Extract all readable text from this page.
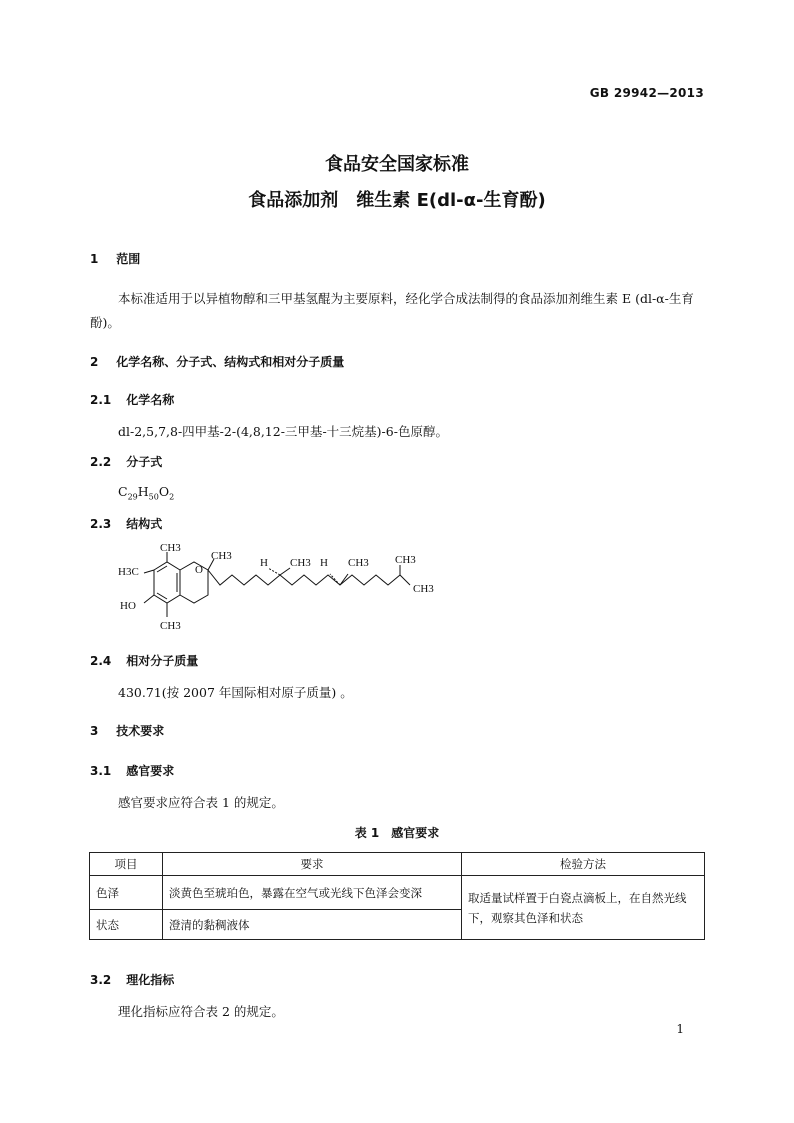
GB 29942—2013
食品安全国家标准
食品添加剂　维生素 E(dl-α-生育酚)
1 范围
本标准适用于以异植物醇和三甲基氢醌为主要原料，经化学合成法制得的食品添加剂维生素 E (dl-α-生育酚)。
2 化学名称、分子式、结构式和相对分子质量
2.1 化学名称
dl-2,5,7,8-四甲基-2-(4,8,12-三甲基-十三烷基)-6-色原醇。
2.2 分子式
$C_{29}H_{50}O_2$
2.3 结构式
CH3
H3C	O
CH3
H CH3 H CH3 CH3
CH3
HO
CH3
2.4 相对分子质量
430.71(按 2007 年国际相对原子质量) 。
3 技术要求
3.1 感官要求
感官要求应符合表 1 的规定。
表 1　感官要求
项目	要求	检验方法
色泽	淡黄色至琥珀色，暴露在空气或光线下色泽会变深	取适量试样置于白瓷点滴板上，在自然光线下，观察其色泽和状态
状态	澄清的黏稠液体	
3.2 理化指标
理化指标应符合表 2 的规定。
1
